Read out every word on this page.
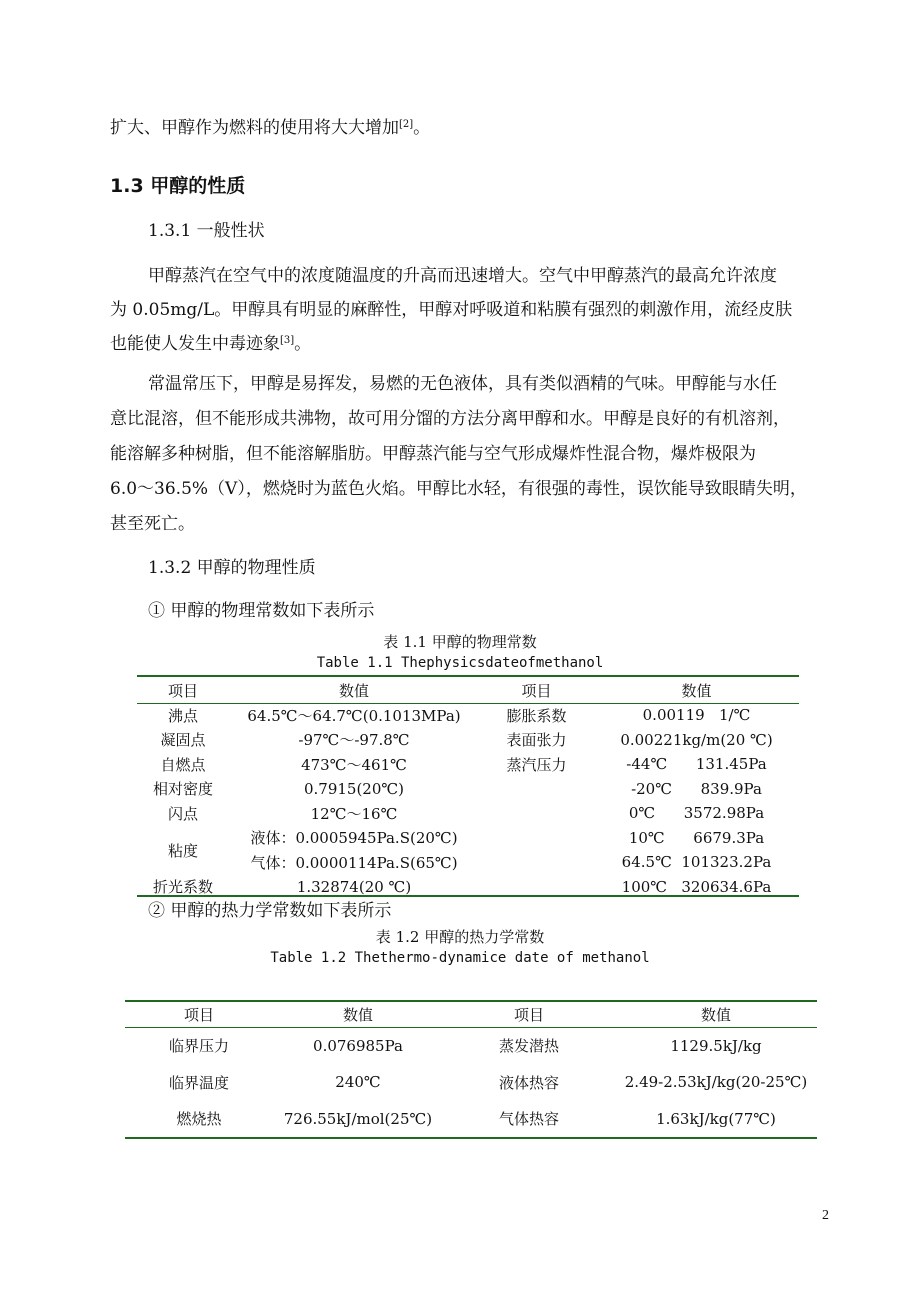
扩大、甲醇作为燃料的使用将大大增加[2]。
1.3 甲醇的性质
1.3.1 一般性状
甲醇蒸汽在空气中的浓度随温度的升高而迅速增大。空气中甲醇蒸汽的最高允许浓度
为 0.05mg/L。甲醇具有明显的麻醉性，甲醇对呼吸道和粘膜有强烈的刺激作用，流经皮肤
也能使人发生中毒迹象[3]。
常温常压下，甲醇是易挥发，易燃的无色液体，具有类似酒精的气味。甲醇能与水任
意比混溶，但不能形成共沸物，故可用分馏的方法分离甲醇和水。甲醇是良好的有机溶剂，
能溶解多种树脂，但不能溶解脂肪。甲醇蒸汽能与空气形成爆炸性混合物，爆炸极限为
6.0～36.5%（V），燃烧时为蓝色火焰。甲醇比水轻，有很强的毒性，误饮能导致眼睛失明，
甚至死亡。
1.3.2 甲醇的物理性质
① 甲醇的物理常数如下表所示
表 1.1 甲醇的物理常数
Table 1.1 Thephysicsdateofmethanol
项目	数值	项目	数值
沸点	64.5℃～64.7℃(0.1013MPa)	膨胀系数	0.00119   1/℃
凝固点	-97℃～-97.8℃	表面张力	0.00221kg/m(20 ℃)
自燃点	473℃～461℃	蒸汽压力	-44℃      131.45Pa
相对密度	0.7915(20℃)		-20℃      839.9Pa
闪点	12℃～16℃		0℃      3572.98Pa
粘度	液体：0.0005945Pa.S(20℃)		10℃      6679.3Pa
	气体：0.0000114Pa.S(65℃)		64.5℃  101323.2Pa
折光系数	1.32874(20 ℃)		100℃   320634.6Pa
② 甲醇的热力学常数如下表所示
表 1.2 甲醇的热力学常数
Table 1.2 Thethermo-dynamice date of methanol
项目	数值	项目	数值
临界压力	0.076985Pa	蒸发潜热	1129.5kJ/kg
临界温度	240℃	液体热容	2.49-2.53kJ/kg(20-25℃)
燃烧热	726.55kJ/mol(25℃)	气体热容	1.63kJ/kg(77℃)
2
